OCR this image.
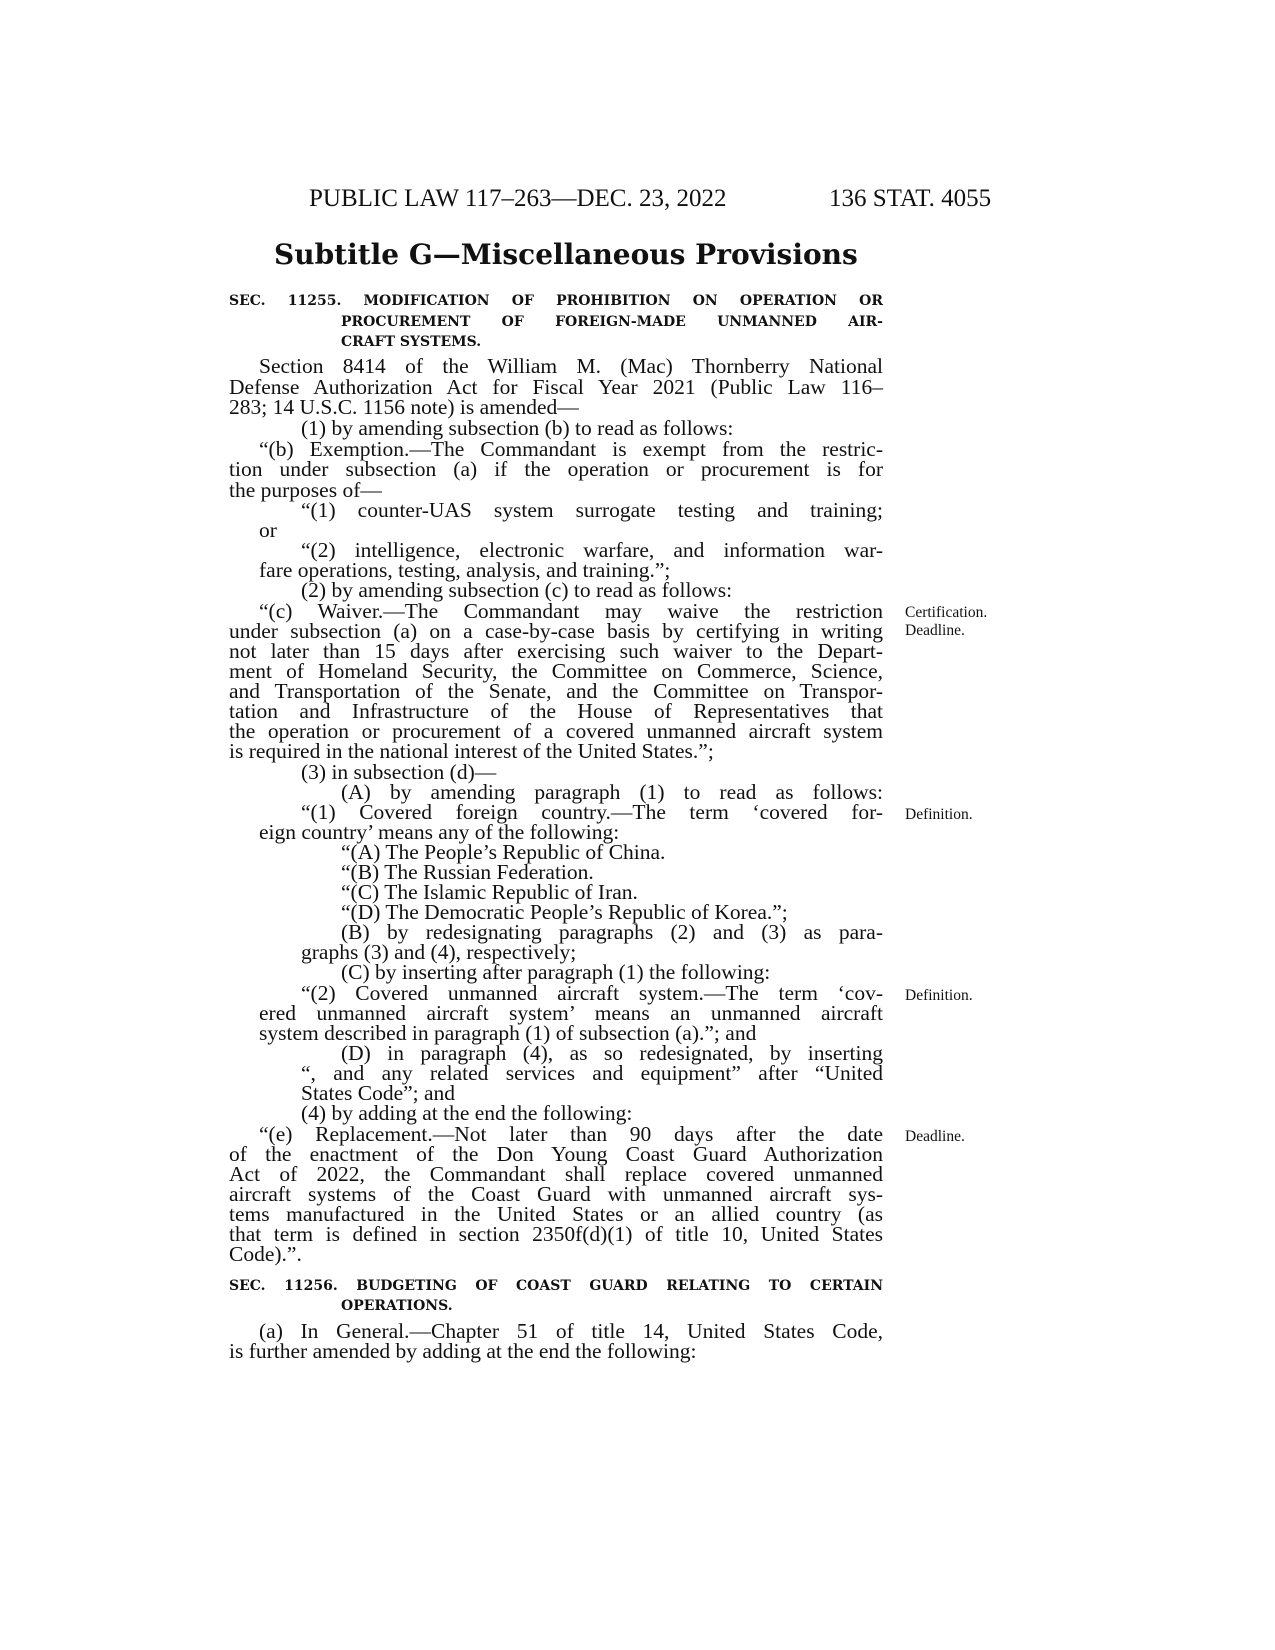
PUBLIC LAW 117–263—DEC. 23, 2022	136 STAT. 4055
Subtitle G—Miscellaneous Provisions
SEC. 11255. MODIFICATION OF PROHIBITION ON OPERATION OR
PROCUREMENT OF FOREIGN-MADE UNMANNED AIR-
CRAFT SYSTEMS.
Section 8414 of the William M. (Mac) Thornberry National
Defense Authorization Act for Fiscal Year 2021 (Public Law 116–
283; 14 U.S.C. 1156 note) is amended—
(1) by amending subsection (b) to read as follows:
“(b) Exemption.—The Commandant is exempt from the restric-
tion under subsection (a) if the operation or procurement is for
the purposes of—
“(1) counter-UAS system surrogate testing and training;
or
“(2) intelligence, electronic warfare, and information war-
fare operations, testing, analysis, and training.”;
(2) by amending subsection (c) to read as follows:
“(c) Waiver.—The Commandant may waive the restriction
under subsection (a) on a case-by-case basis by certifying in writing
not later than 15 days after exercising such waiver to the Depart-
ment of Homeland Security, the Committee on Commerce, Science,
and Transportation of the Senate, and the Committee on Transpor-
tation and Infrastructure of the House of Representatives that
the operation or procurement of a covered unmanned aircraft system
is required in the national interest of the United States.”;
(3) in subsection (d)—
(A) by amending paragraph (1) to read as follows:
“(1) Covered foreign country.—The term ‘covered for-
eign country’ means any of the following:
“(A) The People’s Republic of China.
“(B) The Russian Federation.
“(C) The Islamic Republic of Iran.
“(D) The Democratic People’s Republic of Korea.”;
(B) by redesignating paragraphs (2) and (3) as para-
graphs (3) and (4), respectively;
(C) by inserting after paragraph (1) the following:
“(2) Covered unmanned aircraft system.—The term ‘cov-
ered unmanned aircraft system’ means an unmanned aircraft
system described in paragraph (1) of subsection (a).”; and
(D) in paragraph (4), as so redesignated, by inserting
“, and any related services and equipment” after “United
States Code”; and
(4) by adding at the end the following:
“(e) Replacement.—Not later than 90 days after the date
of the enactment of the Don Young Coast Guard Authorization
Act of 2022, the Commandant shall replace covered unmanned
aircraft systems of the Coast Guard with unmanned aircraft sys-
tems manufactured in the United States or an allied country (as
that term is defined in section 2350f(d)(1) of title 10, United States
Code).”.
SEC. 11256. BUDGETING OF COAST GUARD RELATING TO CERTAIN
OPERATIONS.
(a) In General.—Chapter 51 of title 14, United States Code,
is further amended by adding at the end the following:
Certification.
Deadline.
Definition.
Definition.
Deadline.
